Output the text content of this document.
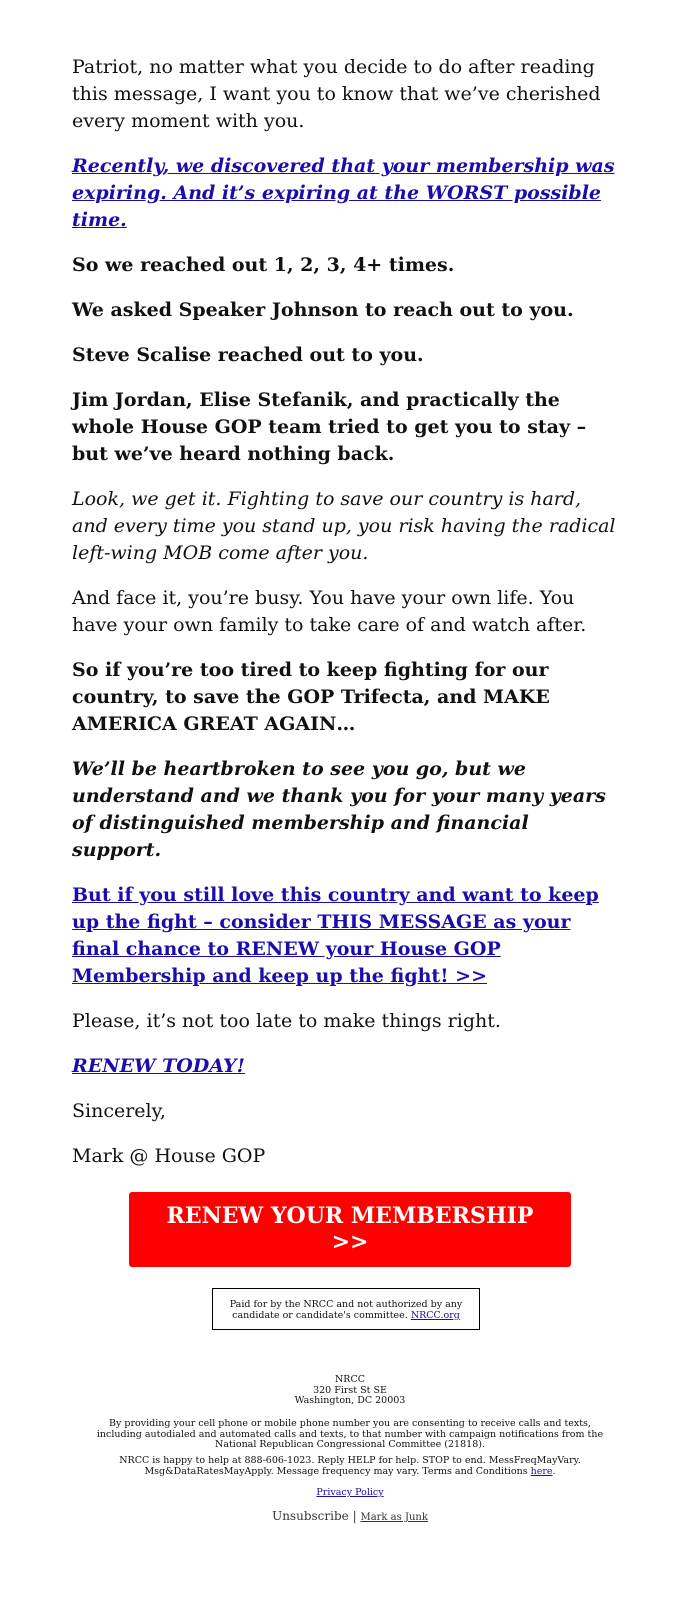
Patriot, no matter what you decide to do after reading this message, I want you to know that we’ve cherished every moment with you.

Recently, we discovered that your membership was expiring. And it’s expiring at the WORST possible time.

So we reached out 1, 2, 3, 4+ times.

We asked Speaker Johnson to reach out to you.

Steve Scalise reached out to you.

Jim Jordan, Elise Stefanik, and practically the whole House GOP team tried to get you to stay – but we’ve heard nothing back.

Look, we get it. Fighting to save our country is hard, and every time you stand up, you risk having the radical left-wing MOB come after you.

And face it, you’re busy. You have your own life. You have your own family to take care of and watch after.

So if you’re too tired to keep fighting for our country, to save the GOP Trifecta, and MAKE AMERICA GREAT AGAIN…

We’ll be heartbroken to see you go, but we understand and we thank you for your many years of distinguished membership and financial support.

But if you still love this country and want to keep up the fight – consider THIS MESSAGE as your final chance to RENEW your House GOP Membership and keep up the fight! >>

Please, it’s not too late to make things right.

RENEW TODAY!

Sincerely,

Mark @ House GOP

RENEW YOUR MEMBERSHIP >>
Paid for by the NRCC and not authorized by any candidate or candidate's committee. NRCC.org
NRCC
320 First St SE
Washington, DC 20003
By providing your cell phone or mobile phone number you are consenting to receive calls and texts, including autodialed and automated calls and texts, to that number with campaign notifications from the National Republican Congressional Committee (21818).
NRCC is happy to help at 888-606-1023. Reply HELP for help. STOP to end. MessFreqMayVary. Msg&DataRatesMayApply. Message frequency may vary. Terms and Conditions here.
Privacy Policy
Unsubscribe | Mark as Junk
